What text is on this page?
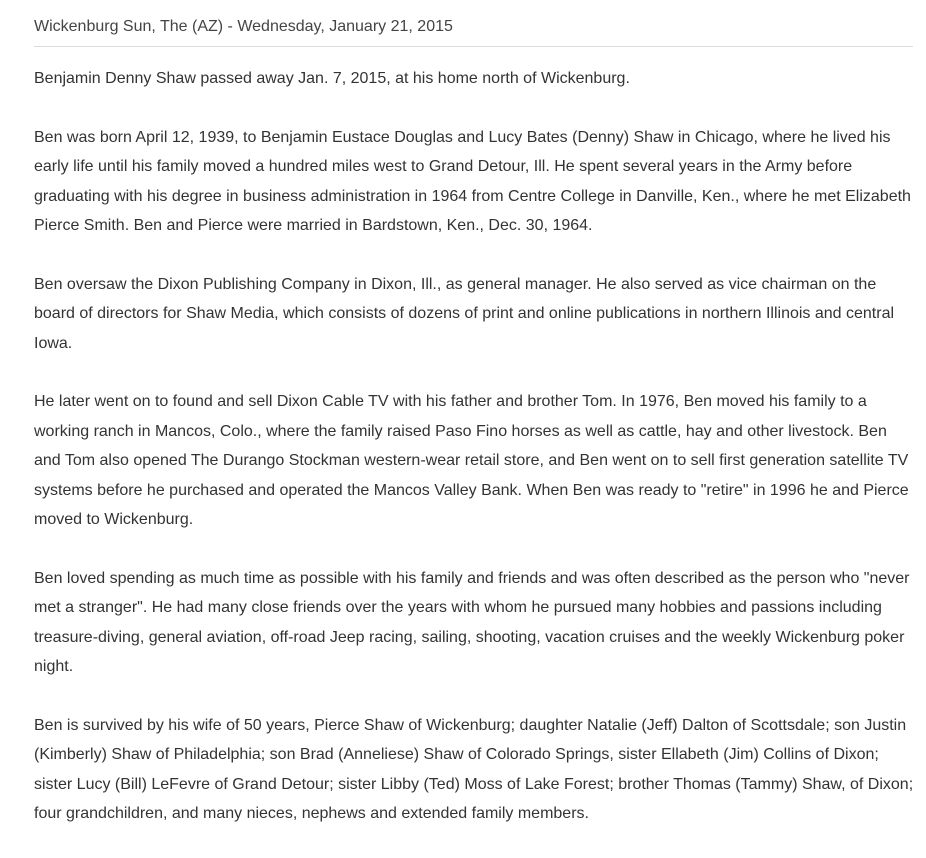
Wickenburg Sun, The (AZ) - Wednesday, January 21, 2015

Benjamin Denny Shaw passed away Jan. 7, 2015, at his home north of Wickenburg.

Ben was born April 12, 1939, to Benjamin Eustace Douglas and Lucy Bates (Denny) Shaw in Chicago, where he lived his early life until his family moved a hundred miles west to Grand Detour, Ill. He spent several years in the Army before graduating with his degree in business administration in 1964 from Centre College in Danville, Ken., where he met Elizabeth Pierce Smith. Ben and Pierce were married in Bardstown, Ken., Dec. 30, 1964.

Ben oversaw the Dixon Publishing Company in Dixon, Ill., as general manager. He also served as vice chairman on the board of directors for Shaw Media, which consists of dozens of print and online publications in northern Illinois and central Iowa.

He later went on to found and sell Dixon Cable TV with his father and brother Tom. In 1976, Ben moved his family to a working ranch in Mancos, Colo., where the family raised Paso Fino horses as well as cattle, hay and other livestock. Ben and Tom also opened The Durango Stockman western-wear retail store, and Ben went on to sell first generation satellite TV systems before he purchased and operated the Mancos Valley Bank. When Ben was ready to "retire" in 1996 he and Pierce moved to Wickenburg.

Ben loved spending as much time as possible with his family and friends and was often described as the person who "never met a stranger". He had many close friends over the years with whom he pursued many hobbies and passions including treasure-diving, general aviation, off-road Jeep racing, sailing, shooting, vacation cruises and the weekly Wickenburg poker night.

Ben is survived by his wife of 50 years, Pierce Shaw of Wickenburg; daughter Natalie (Jeff) Dalton of Scottsdale; son Justin (Kimberly) Shaw of Philadelphia; son Brad (Anneliese) Shaw of Colorado Springs, sister Ellabeth (Jim) Collins of Dixon; sister Lucy (Bill) LeFevre of Grand Detour; sister Libby (Ted) Moss of Lake Forest; brother Thomas (Tammy) Shaw, of Dixon; four grandchildren, and many nieces, nephews and extended family members.
